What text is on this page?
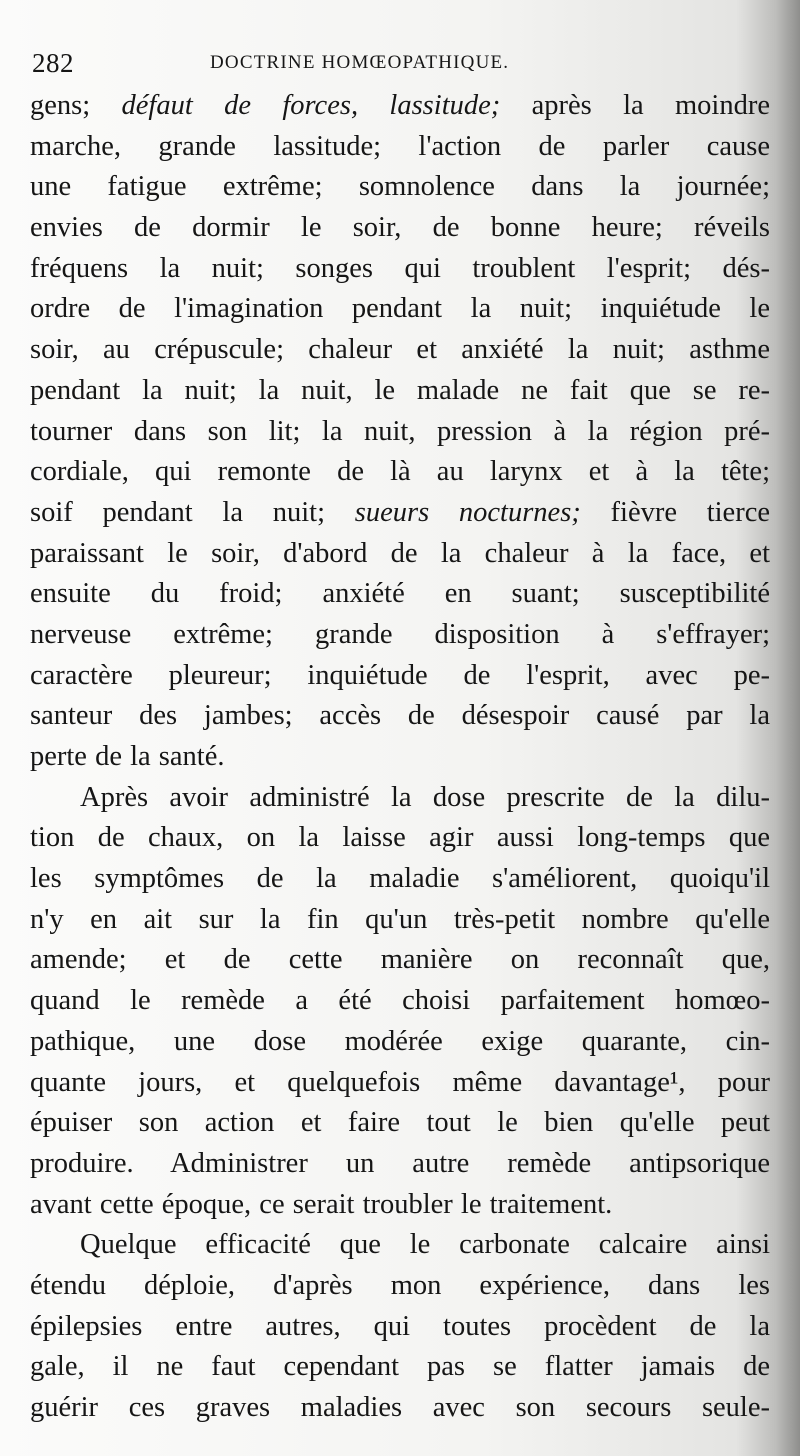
282	DOCTRINE HOMŒOPATHIQUE.
gens; défaut de forces, lassitude; après la moindre
marche, grande lassitude; l'action de parler cause
une fatigue extrême; somnolence dans la journée;
envies de dormir le soir, de bonne heure; réveils
fréquens la nuit; songes qui troublent l'esprit; dés-
ordre de l'imagination pendant la nuit; inquiétude le
soir, au crépuscule; chaleur et anxiété la nuit; asthme
pendant la nuit; la nuit, le malade ne fait que se re-
tourner dans son lit; la nuit, pression à la région pré-
cordiale, qui remonte de là au larynx et à la tête;
soif pendant la nuit; sueurs nocturnes; fièvre tierce
paraissant le soir, d'abord de la chaleur à la face, et
ensuite du froid; anxiété en suant; susceptibilité
nerveuse extrême; grande disposition à s'effrayer;
caractère pleureur; inquiétude de l'esprit, avec pe-
santeur des jambes; accès de désespoir causé par la
perte de la santé.
Après avoir administré la dose prescrite de la dilu-
tion de chaux, on la laisse agir aussi long-temps que
les symptômes de la maladie s'améliorent, quoiqu'il
n'y en ait sur la fin qu'un très-petit nombre qu'elle
amende; et de cette manière on reconnaît que,
quand le remède a été choisi parfaitement homœo-
pathique, une dose modérée exige quarante, cin-
quante jours, et quelquefois même davantage¹, pour
épuiser son action et faire tout le bien qu'elle peut
produire. Administrer un autre remède antipsorique
avant cette époque, ce serait troubler le traitement.
Quelque efficacité que le carbonate calcaire ainsi
étendu déploie, d'après mon expérience, dans les
épilepsies entre autres, qui toutes procèdent de la
gale, il ne faut cependant pas se flatter jamais de
guérir ces graves maladies avec son secours seule-
